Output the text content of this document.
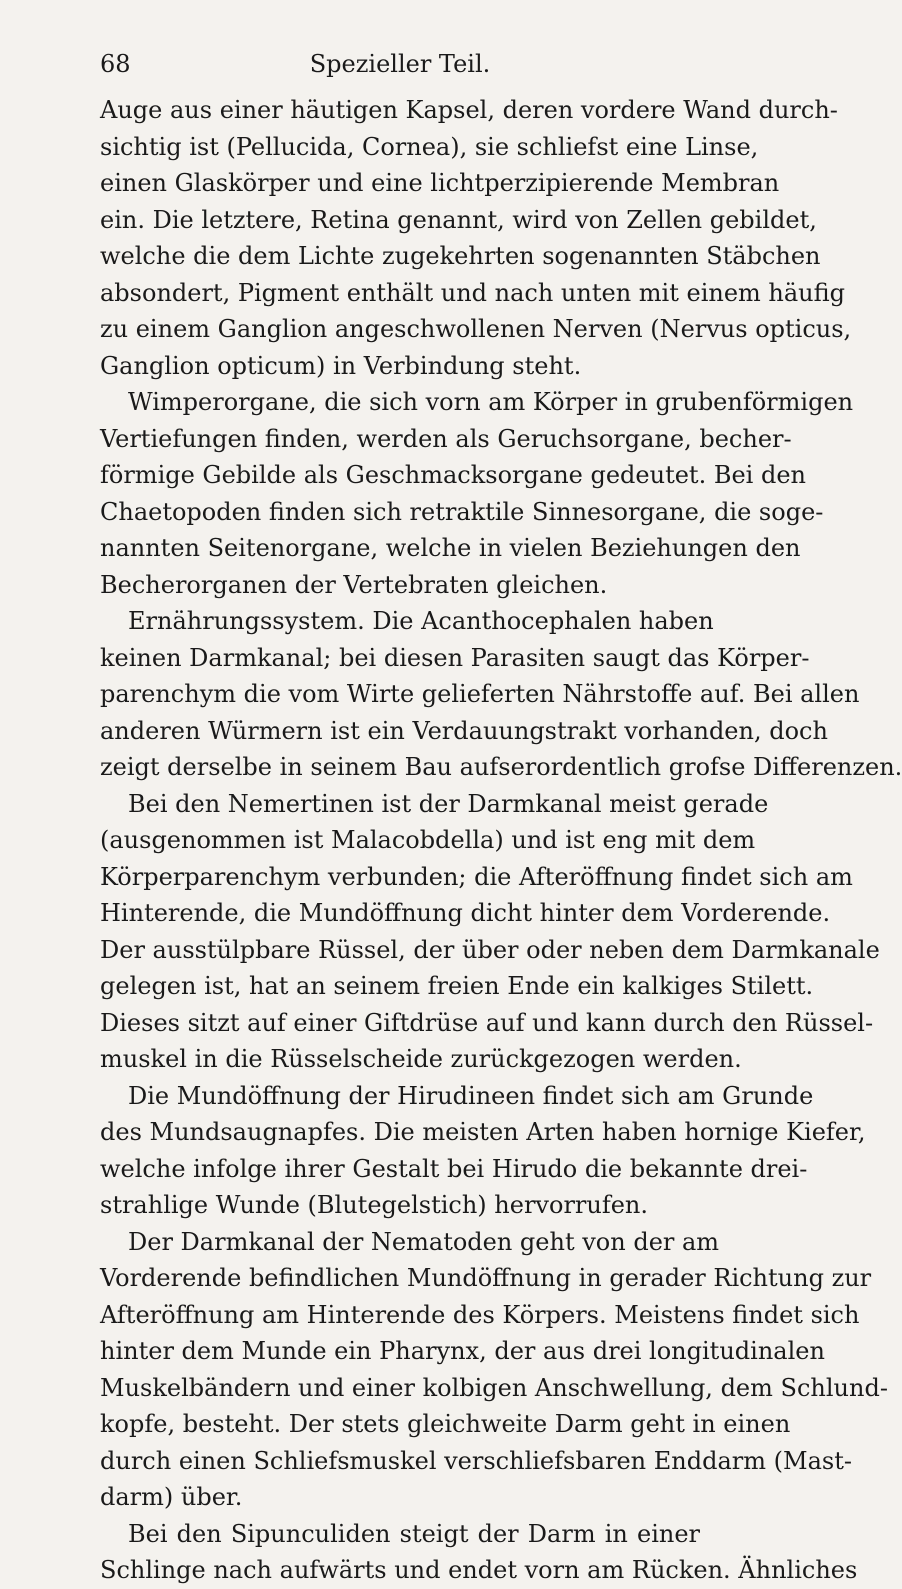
68	Spezieller Teil.
Auge aus einer häutigen Kapsel, deren vordere Wand durch-
sichtig ist (Pellucida, Cornea), sie schliefst eine Linse,
einen Glaskörper und eine lichtperzipierende Membran
ein. Die letztere, Retina genannt, wird von Zellen gebildet,
welche die dem Lichte zugekehrten sogenannten Stäbchen
absondert, Pigment enthält und nach unten mit einem häufig
zu einem Ganglion angeschwollenen Nerven (Nervus opticus,
Ganglion opticum) in Verbindung steht.
Wimperorgane, die sich vorn am Körper in grubenförmigen
Vertiefungen finden, werden als Geruchsorgane, becher-
förmige Gebilde als Geschmacksorgane gedeutet. Bei den
Chaetopoden finden sich retraktile Sinnesorgane, die soge-
nannten Seitenorgane, welche in vielen Beziehungen den
Becherorganen der Vertebraten gleichen.
Ernährungssystem. Die Acanthocephalen haben
keinen Darmkanal; bei diesen Parasiten saugt das Körper-
parenchym die vom Wirte gelieferten Nährstoffe auf. Bei allen
anderen Würmern ist ein Verdauungstrakt vorhanden, doch
zeigt derselbe in seinem Bau aufserordentlich grofse Differenzen.
Bei den Nemertinen ist der Darmkanal meist gerade
(ausgenommen ist Malacobdella) und ist eng mit dem
Körperparenchym verbunden; die Afteröffnung findet sich am
Hinterende, die Mundöffnung dicht hinter dem Vorderende.
Der ausstülpbare Rüssel, der über oder neben dem Darmkanale
gelegen ist, hat an seinem freien Ende ein kalkiges Stilett.
Dieses sitzt auf einer Giftdrüse auf und kann durch den Rüssel-
muskel in die Rüsselscheide zurückgezogen werden.
Die Mundöffnung der Hirudineen findet sich am Grunde
des Mundsaugnapfes. Die meisten Arten haben hornige Kiefer,
welche infolge ihrer Gestalt bei Hirudo die bekannte drei-
strahlige Wunde (Blutegelstich) hervorrufen.
Der Darmkanal der Nematoden geht von der am
Vorderende befindlichen Mundöffnung in gerader Richtung zur
Afteröffnung am Hinterende des Körpers. Meistens findet sich
hinter dem Munde ein Pharynx, der aus drei longitudinalen
Muskelbändern und einer kolbigen Anschwellung, dem Schlund-
kopfe, besteht. Der stets gleichweite Darm geht in einen
durch einen Schliefsmuskel verschliefsbaren Enddarm (Mast-
darm) über.
Bei den Sipunculiden steigt der Darm in einer
Schlinge nach aufwärts und endet vorn am Rücken. Ähnliches
